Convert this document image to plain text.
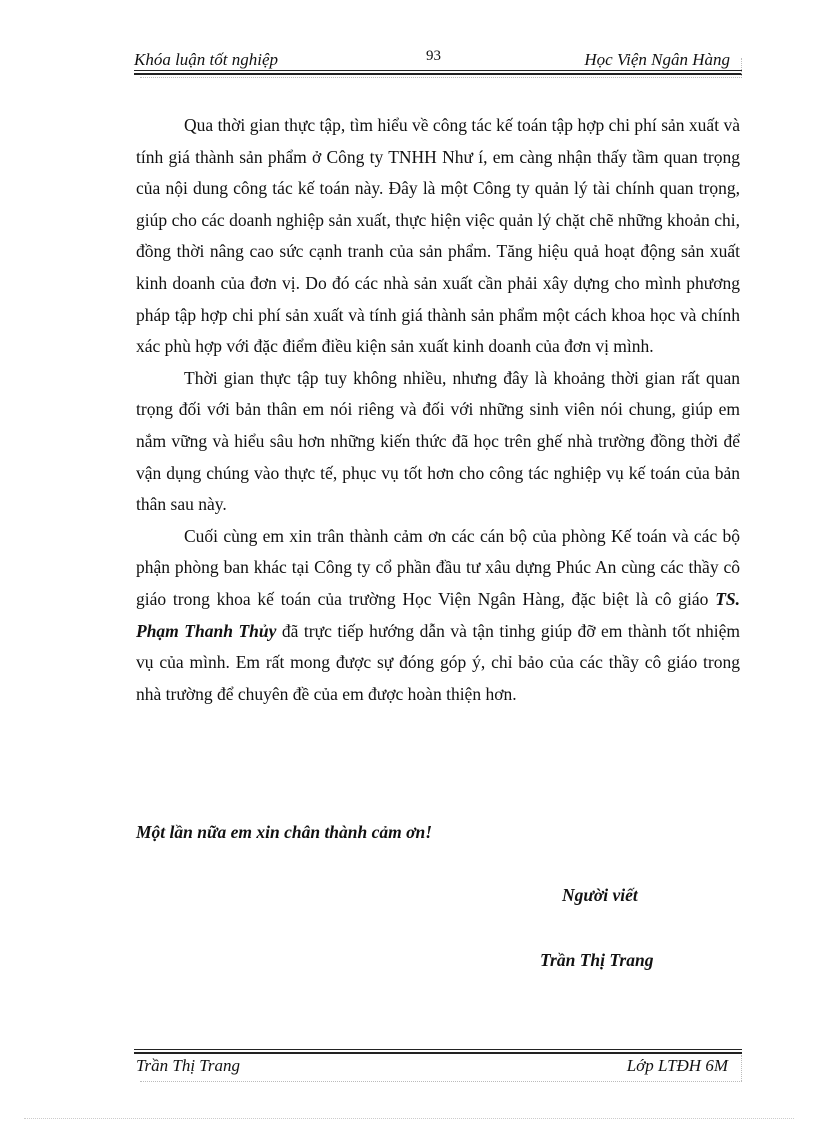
Khóa luận tốt nghiệp	93	Học Viện Ngân Hàng

Qua thời gian thực tập, tìm hiểu về công tác kế toán tập hợp chi phí sản xuất và tính giá thành sản phẩm ở Công ty TNHH Như í, em càng nhận thấy tầm quan trọng của nội dung công tác kế toán này. Đây là một Công ty quản lý tài chính quan trọng, giúp cho các doanh nghiệp sản xuất, thực hiện việc quản lý chặt chẽ những khoản chi, đồng thời nâng cao sức cạnh tranh của sản phẩm. Tăng hiệu quả hoạt động sản xuất kinh doanh của đơn vị. Do đó các nhà sản xuất cần phải xây dựng cho mình phương pháp tập hợp chi phí sản xuất và tính giá thành sản phẩm một cách khoa học và chính xác phù hợp với đặc điểm điều kiện sản xuất kinh doanh của đơn vị mình.

Thời gian thực tập tuy không nhiều, nhưng đây là khoảng thời gian rất quan trọng đối với bản thân em nói riêng và đối với những sinh viên nói chung, giúp em nắm vững và hiểu sâu hơn những kiến thức đã học trên ghế nhà trường đồng thời để vận dụng chúng vào thực tế, phục vụ tốt hơn cho công tác nghiệp vụ kế toán của bản thân sau này.

Cuối cùng em xin trân thành cảm ơn các cán bộ của phòng Kế toán và các bộ phận phòng ban khác tại Công ty cổ phần đầu tư xâu dựng Phúc An cùng các thầy cô giáo trong khoa kế toán của trường Học Viện Ngân Hàng, đặc biệt là cô giáo TS. Phạm Thanh Thủy đã trực tiếp hướng dẫn và tận tinhg giúp đỡ em thành tốt nhiệm vụ của mình. Em rất mong được sự đóng góp ý, chỉ bảo của các thầy cô giáo trong nhà trường để chuyên đề của em được hoàn thiện hơn.

Một lần nữa em xin chân thành cảm ơn!
Người viết
Trần Thị Trang
Trần Thị Trang	Lớp LTĐH 6M
